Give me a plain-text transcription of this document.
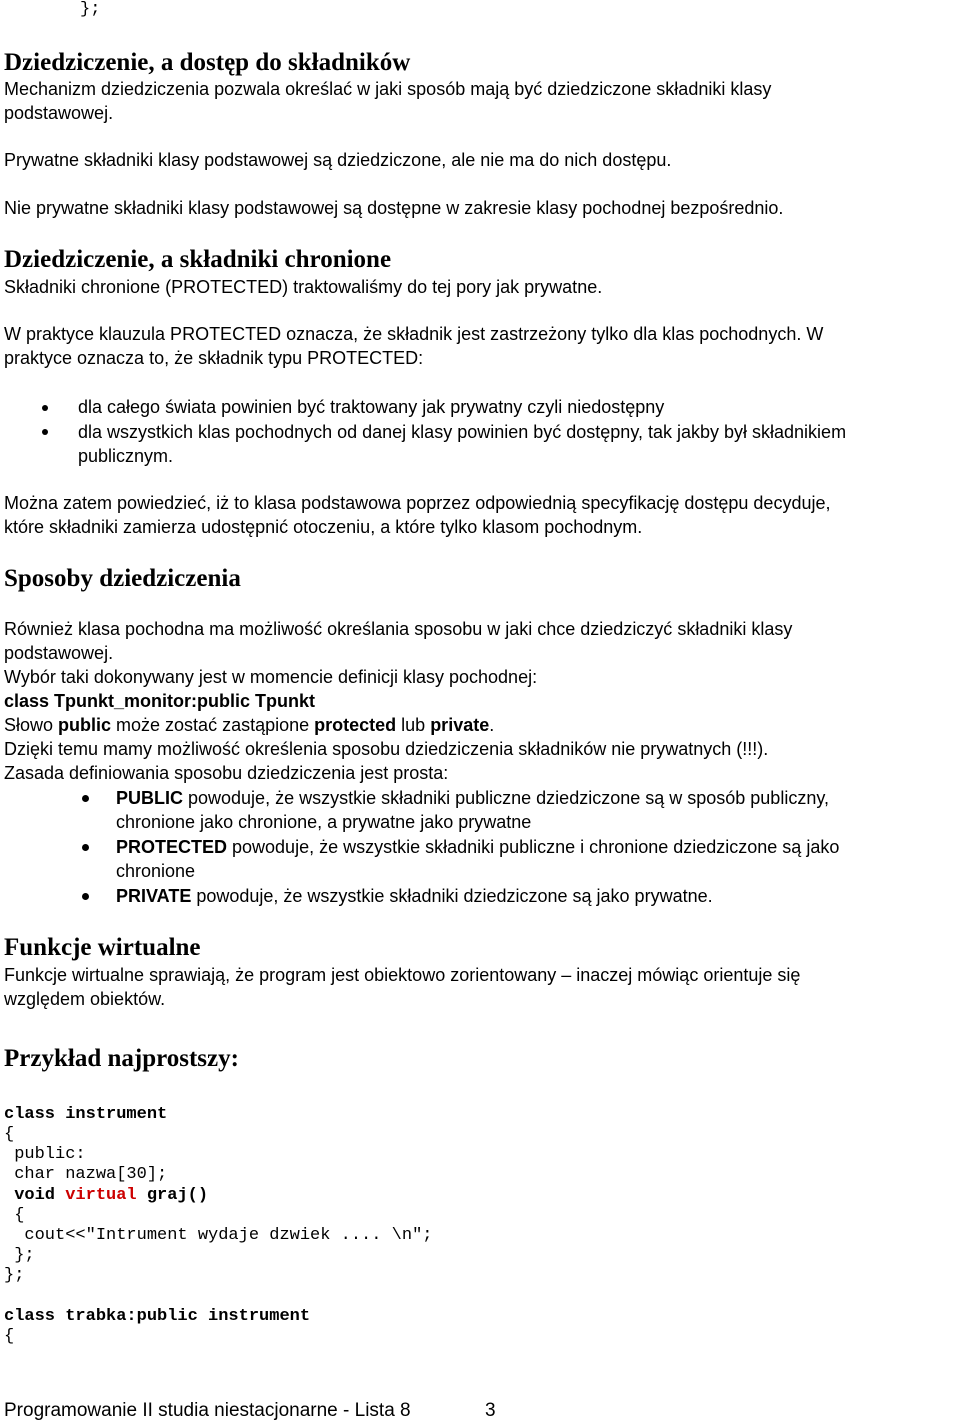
};
Dziedziczenie, a dostęp do składników
Mechanizm dziedziczenia pozwala określać w jaki sposób mają być dziedziczone składniki klasy
podstawowej.
Prywatne składniki klasy podstawowej są dziedziczone, ale nie ma do nich dostępu.
Nie prywatne składniki klasy podstawowej są dostępne w zakresie klasy pochodnej bezpośrednio.
Dziedziczenie, a składniki chronione
Składniki chronione (PROTECTED) traktowaliśmy do tej pory jak prywatne.
W praktyce klauzula PROTECTED oznacza, że składnik jest zastrzeżony tylko dla klas pochodnych. W
praktyce oznacza to, że składnik typu PROTECTED:
dla całego świata powinien być traktowany jak prywatny czyli niedostępny
dla wszystkich klas pochodnych od danej klasy powinien być dostępny, tak jakby był składnikiem
publicznym.
Można zatem powiedzieć, iż to klasa podstawowa poprzez odpowiednią specyfikację dostępu decyduje,
które składniki zamierza udostępnić otoczeniu, a które tylko klasom pochodnym.
Sposoby dziedziczenia
Również klasa pochodna ma możliwość określania sposobu w jaki chce dziedziczyć składniki klasy
podstawowej.
Wybór taki dokonywany jest w momencie definicji klasy pochodnej:
class Tpunkt_monitor:public Tpunkt
Słowo public może zostać zastąpione protected lub private.
Dzięki temu mamy możliwość określenia sposobu dziedziczenia składników nie prywatnych (!!!).
Zasada definiowania sposobu dziedziczenia jest prosta:
PUBLIC powoduje, że wszystkie składniki publiczne dziedziczone są w sposób publiczny,
chronione jako chronione, a prywatne jako prywatne
PROTECTED powoduje, że wszystkie składniki publiczne i chronione dziedziczone są jako
chronione
PRIVATE powoduje, że wszystkie składniki dziedziczone są jako prywatne.
Funkcje wirtualne
Funkcje wirtualne sprawiają, że program jest obiektowo zorientowany – inaczej mówiąc orientuje się
względem obiektów.
Przykład najprostszy:
class instrument
{
public:
char nazwa[30];
void virtual graj()
{
cout<<"Intrument wydaje dzwiek .... \n";
};
};
class trabka:public instrument
{
Programowanie II studia niestacjonarne - Lista 8	3
